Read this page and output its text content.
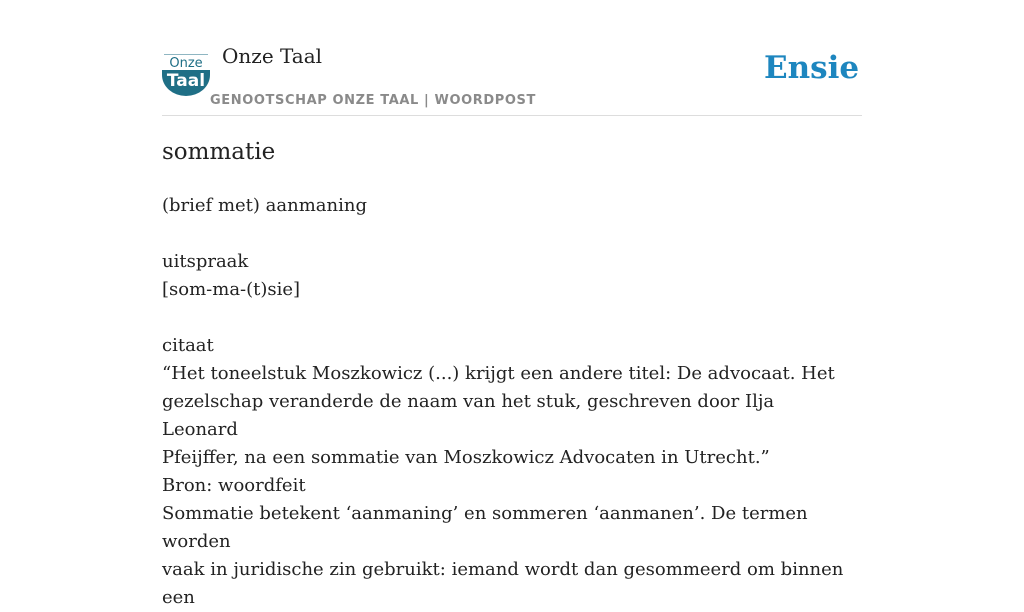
Onze
Taal
Onze Taal
GENOOTSCHAP ONZE TAAL | WOORDPOST
Ensie
sommatie

(brief met) aanmaning

uitspraak

[som-ma-(t)sie]

citaat

“Het toneelstuk Moszkowicz (...) krijgt een andere titel: De advocaat. Het

gezelschap veranderde de naam van het stuk, geschreven door Ilja Leonard

Pfeijffer, na een sommatie van Moszkowicz Advocaten in Utrecht.”

Bron: woordfeit

Sommatie betekent ‘aanmaning’ en sommeren ‘aanmanen’. De termen worden

vaak in juridische zin gebruikt: iemand wordt dan gesommeerd om binnen een
